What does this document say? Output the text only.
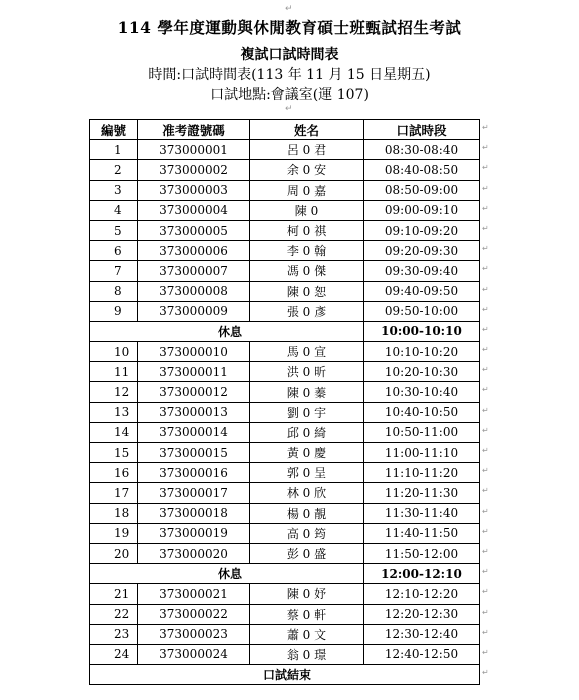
↵
114 學年度運動與休閒教育碩士班甄試招生考試
複試口試時間表
時間:口試時間表(113 年 11 月 15 日星期五)
口試地點:會議室(運 107)
↵
編號	准考證號碼	姓名	口試時段
1	373000001	呂 0 君	08:30-08:40
2	373000002	余 0 安	08:40-08:50
3	373000003	周 0 嘉	08:50-09:00
4	373000004	陳 0	09:00-09:10
5	373000005	柯 0 祺	09:10-09:20
6	373000006	李 0 翰	09:20-09:30
7	373000007	馮 0 傑	09:30-09:40
8	373000008	陳 0 恕	09:40-09:50
9	373000009	張 0 彥	09:50-10:00
休息			10:00-10:10
10	373000010	馬 0 宣	10:10-10:20
11	373000011	洪 0 昕	10:20-10:30
12	373000012	陳 0 蓁	10:30-10:40
13	373000013	劉 0 宇	10:40-10:50
14	373000014	邱 0 綺	10:50-11:00
15	373000015	黃 0 慶	11:00-11:10
16	373000016	郭 0 呈	11:10-11:20
17	373000017	林 0 欣	11:20-11:30
18	373000018	楊 0 靚	11:30-11:40
19	373000019	高 0 筠	11:40-11:50
20	373000020	彭 0 盛	11:50-12:00
休息			12:00-12:10
21	373000021	陳 0 妤	12:10-12:20
22	373000022	蔡 0 軒	12:20-12:30
23	373000023	蕭 0 文	12:30-12:40
24	373000024	翁 0 璟	12:40-12:50
口試結束			
↵
↵
↵
↵
↵
↵
↵
↵
↵
↵
↵
↵
↵
↵
↵
↵
↵
↵
↵
↵
↵
↵
↵
↵
↵
↵
↵
↵
